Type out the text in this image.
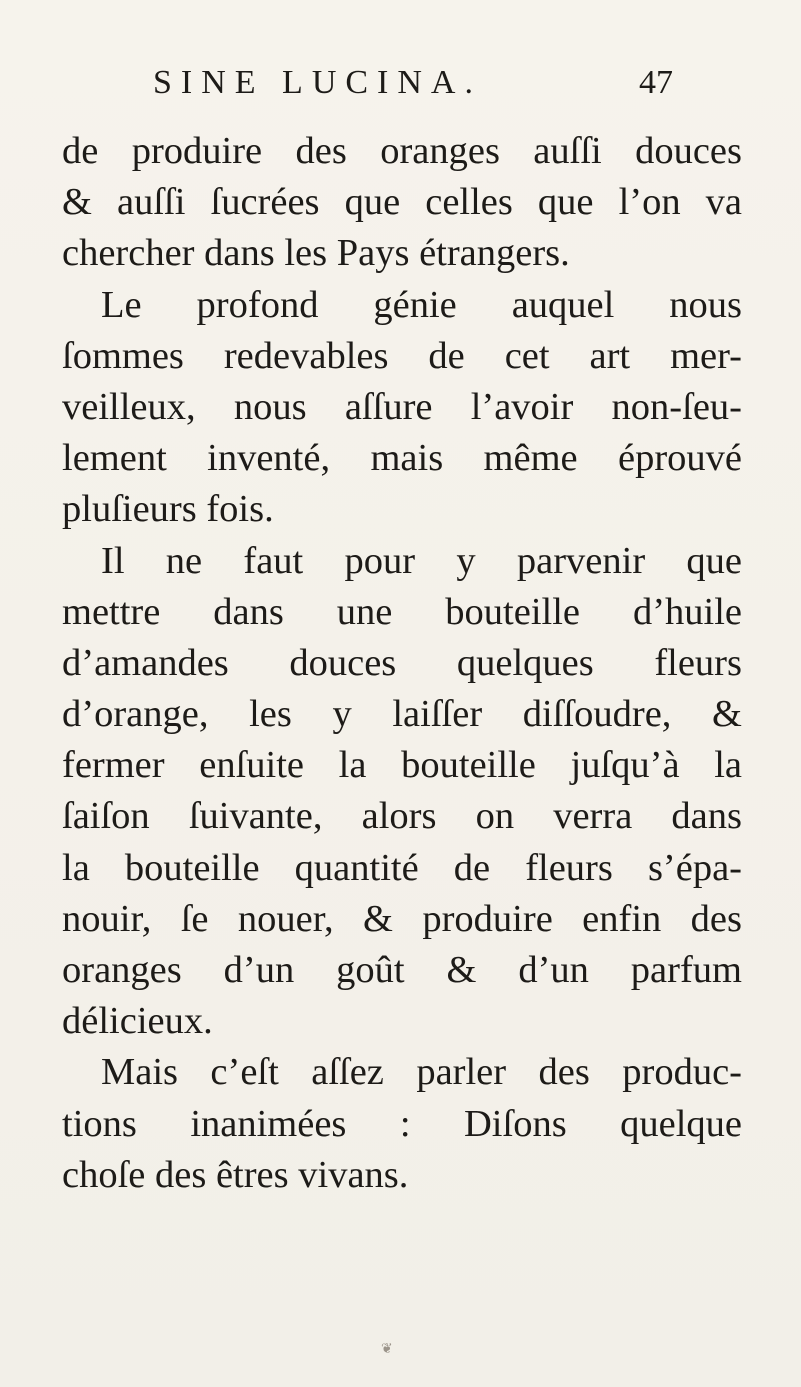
SINE LUCINA.	47
de produire des oranges auſſi douces
& auſſi ſucrées que celles que l’on va
chercher dans les Pays étrangers.
Le profond génie auquel nous
ſommes redevables de cet art mer-
veilleux, nous aſſure l’avoir non-ſeu-
lement inventé, mais même éprouvé
pluſieurs fois.
Il ne faut pour y parvenir que
mettre dans une bouteille d’huile
d’amandes douces quelques fleurs
d’orange, les y laiſſer diſſoudre, &
fermer enſuite la bouteille juſqu’à la
ſaiſon ſuivante, alors on verra dans
la bouteille quantité de fleurs s’épa-
nouir, ſe nouer, & produire enfin des
oranges d’un goût & d’un parfum
délicieux.
Mais c’eſt aſſez parler des produc-
tions inanimées : Diſons quelque
choſe des êtres vivans.
❦
